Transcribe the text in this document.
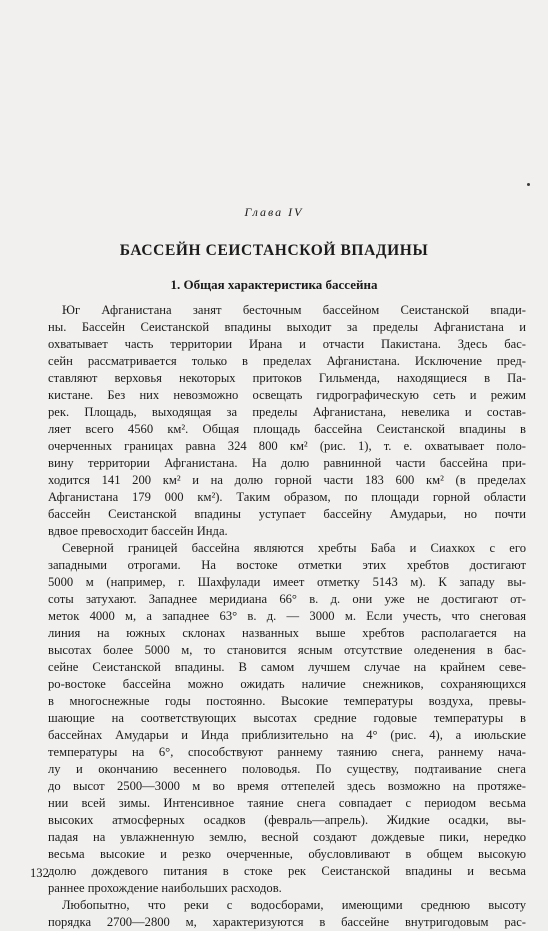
Глава IV
БАССЕЙН СЕИСТАНСКОЙ ВПАДИНЫ
1. Общая характеристика бассейна
Юг Афганистана занят бесточным бассейном Сеистанской впади-
ны. Бассейн Сеистанской впадины выходит за пределы Афганистана и
охватывает часть территории Ирана и отчасти Пакистана. Здесь бас-
сейн рассматривается только в пределах Афганистана. Исключение пред-
ставляют верховья некоторых притоков Гильменда, находящиеся в Па-
кистане. Без них невозможно освещать гидрографическую сеть и режим
рек. Площадь, выходящая за пределы Афганистана, невелика и состав-
ляет всего 4560 км². Общая площадь бассейна Сеистанской впадины в
очерченных границах равна 324 800 км² (рис. 1), т. е. охватывает поло-
вину территории Афганистана. На долю равнинной части бассейна при-
ходится 141 200 км² и на долю горной части 183 600 км² (в пределах
Афганистана 179 000 км²). Таким образом, по площади горной области
бассейн Сеистанской впадины уступает бассейну Амударьи, но почти
вдвое превосходит бассейн Инда.
Северной границей бассейна являются хребты Баба и Сиахкох с его
западными отрогами. На востоке отметки этих хребтов достигают
5000 м (например, г. Шахфулади имеет отметку 5143 м). К западу вы-
соты затухают. Западнее меридиана 66° в. д. они уже не достигают от-
меток 4000 м, а западнее 63° в. д. — 3000 м. Если учесть, что снеговая
линия на южных склонах названных выше хребтов располагается на
высотах более 5000 м, то становится ясным отсутствие оледенения в бас-
сейне Сеистанской впадины. В самом лучшем случае на крайнем севе-
ро-востоке бассейна можно ожидать наличие снежников, сохраняющихся
в многоснежные годы постоянно. Высокие температуры воздуха, превы-
шающие на соответствующих высотах средние годовые температуры в
бассейнах Амударьи и Инда приблизительно на 4° (рис. 4), а июльские
температуры на 6°, способствуют раннему таянию снега, раннему нача-
лу и окончанию весеннего половодья. По существу, подтаивание снега
до высот 2500—3000 м во время оттепелей здесь возможно на протяже-
нии всей зимы. Интенсивное таяние снега совпадает с периодом весьма
высоких атмосферных осадков (февраль—апрель). Жидкие осадки, вы-
падая на увлажненную землю, весной создают дождевые пики, нередко
весьма высокие и резко очерченные, обусловливают в общем высокую
долю дождевого питания в стоке рек Сеистанской впадины и весьма
раннее прохождение наибольших расходов.
Любопытно, что реки с водосборами, имеющими среднюю высоту
порядка 2700—2800 м, характеризуются в бассейне внутригодовым рас-
132
